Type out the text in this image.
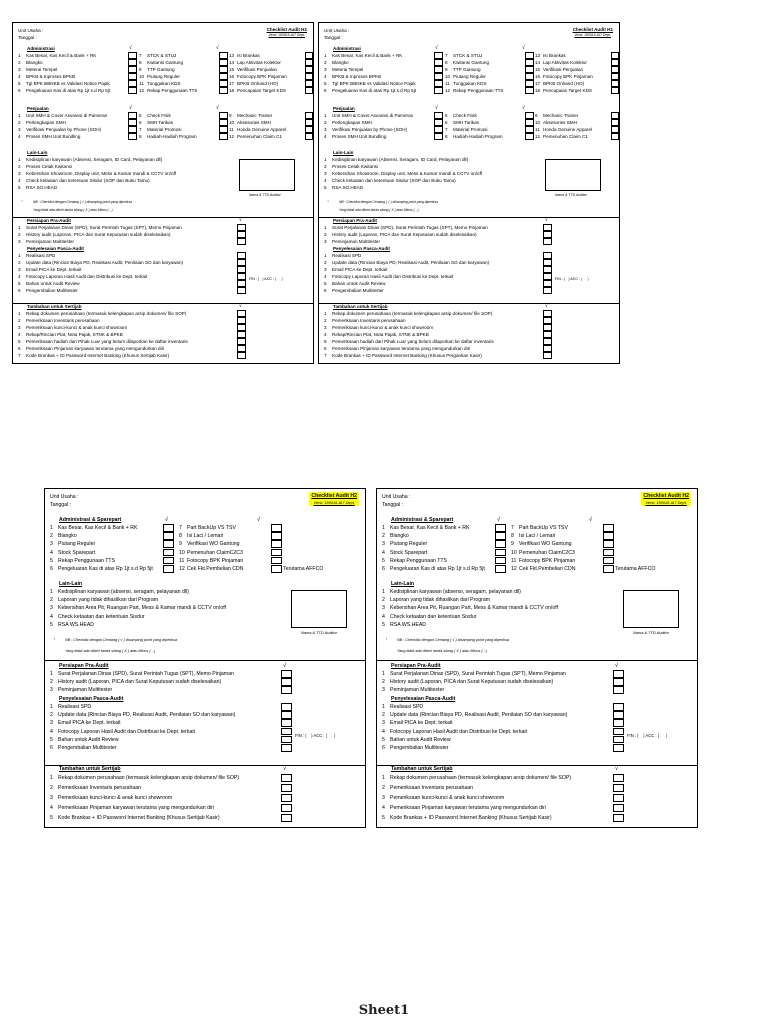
Unit Usaha :
Tanggal :
Checklist Audit H1
Versi: 180616-IA7 Dept.
Administrasi	√	√
1	Kas Besar, Kas Kecil & Bank + RK
2	Blangko
3	Meterai Tempel
4	BPKB & Inproses BPKB
5	Tgl BPK BBNKB vs Validasi Notice Pajak
6	Pengeluaran Kas di atas Rp 1jt s.d Rp 5jt
7	STCK & STUJ
8	Kwitansi Gantung
9	TTP Gantung
10 Piutang Reguler
11 Tunggakan KDS
12 Rekap Penggunaan TTS
13 Isi Brankas
14 Lap Aktivitas Kolektor
15 Verifikasi Penjualan
16 Fotocopy BPK Pinjaman
17 BPKB Onhand (HO)
18 Pencapaian Target KDS
Penjualan	√	√
1	Unit SMH & Cover Asuransi di Pameran
2	Perlengkapan SMH
3	Verifikasi Penjualan by Phone (SOH)
4	Proses SMH Unit Bundling
5	Check Fisik
6	SMH Tarikan
7	Material Promosi
8	Hadiah-Hadiah Program
9	Mechanic Trainer
10 Aksesories SMH
11 Honda Genuine Apparel
12 Pemenuhan Claim C1
Lain-Lain
1	Kedisiplinan karyawan (Absensi, Seragam, ID Card, Pelayanan dll)
2	Proses Cetak Kwitansi
3	Kebersihan Showroom, Display unit, Mess & Kamar mandi & CCTV on/off
4	Check ketaatan dan ketentuan Sisdur (SOP dan Buku Tamu)
5	RSA SO.HEAD
Nama & TTD Auditor
♀	NB : Checklist dengan Centang ( √ ) disamping point yang diperiksa
Yang tidak ada diberi tanda silang ( X ) atau Minus ( - )
Persiapan Pra-Audit	√
1	Surat Perjalanan Dinas (SPD), Surat Perintah Tugas (SPT), Memo Pinjaman
2	History audit (Laporan, PICA dan Surat Keputusan sudah diselesaikan)
3	Peminjaman Multitester
Penyelesaian Pasca-Audit
1	Realisasi SPD
2	Update data (Rincian Biaya PD, Realisasi Audit, Penilaian SO dan karyawan)
3	Email PICA ke Dept. terkait
4	Fotocopy Laporan Hasil Audit dan Distribusi ke Dept. terkait
5	Bahan untuk Audit Review
6	Pengembalian Multitester
FIN : ( ) ACC : ( )
Tambahan untuk Sertijab	√
1	Rekap dokumen perusahaan (termasuk kelengkapan arsip dokumen/ file SOP)
2	Pemeriksaan Inventaris perusahaan
3	Pemeriksaan kunci-kunci & anak kunci showroom
4	Rekap/Rincian Plat, Nota Pajak, STNK & BPKB
5	Pemeriksaan hadiah dari Pihak Luar yang belum dilaporkan ke daftar inventaris
6	Pemeriksaan Pinjaman karyawan terutama yang mengundurkan diri
7	Kode Brankas + ID Password Internet Banking (Khusus Sertijab Kasir)
Unit Usaha :
Tanggal :
Checklist Audit H1
Versi: 180616-IA7 Dept.
Administrasi	√	√
1	Kas Besar, Kas Kecil & Bank + RK
2	Blangko
3	Meterai Tempel
4	BPKB & Inproses BPKB
5	Tgl BPK BBNKB vs Validasi Notice Pajak
6	Pengeluaran Kas di atas Rp 1jt s.d Rp 5jt
7	STCK & STUJ
8	Kwitansi Gantung
9	TTP Gantung
10 Piutang Reguler
11 Tunggakan KDS
12 Rekap Penggunaan TTS
13 Isi Brankas
14 Lap Aktivitas Kolektor
15 Verifikasi Penjualan
16 Fotocopy BPK Pinjaman
17 BPKB Onhand (HO)
18 Pencapaian Target KDS
Penjualan	√	√
1	Unit SMH & Cover Asuransi di Pameran
2	Perlengkapan SMH
3	Verifikasi Penjualan by Phone (SOH)
4	Proses SMH Unit Bundling
5	Check Fisik
6	SMH Tarikan
7	Material Promosi
8	Hadiah-Hadiah Program
9	Mechanic Trainer
10 Aksesories SMH
11 Honda Genuine Apparel
12 Pemenuhan Claim C1
Lain-Lain
1	Kedisiplinan karyawan (Absensi, Seragam, ID Card, Pelayanan dll)
2	Proses Cetak Kwitansi
3	Kebersihan Showroom, Display unit, Mess & Kamar mandi & CCTV on/off
4	Check ketaatan dan ketentuan Sisdur (SOP dan Buku Tamu)
5	RSA SO.HEAD
Nama & TTD Auditor
♀	NB : Checklist dengan Centang ( √ ) disamping point yang diperiksa
Yang tidak ada diberi tanda silang ( X ) atau Minus ( - )
Persiapan Pra-Audit	√
1	Surat Perjalanan Dinas (SPD), Surat Perintah Tugas (SPT), Memo Pinjaman
2	History audit (Laporan, PICA dan Surat Keputusan sudah diselesaikan)
3	Peminjaman Multitester
Penyelesaian Pasca-Audit
1	Realisasi SPD
2	Update data (Rincian Biaya PD, Realisasi Audit, Penilaian SO dan karyawan)
3	Email PICA ke Dept. terkait
4	Fotocopy Laporan Hasil Audit dan Distribusi ke Dept. terkait
5	Bahan untuk Audit Review
6	Pengembalian Multitester
FIN : ( ) ACC : ( )
Tambahan untuk Sertijab	√
1	Rekap dokumen perusahaan (termasuk kelengkapan arsip dokumen/ file SOP)
2	Pemeriksaan Inventaris perusahaan
3	Pemeriksaan kunci-kunci & anak kunci showroom
4	Rekap/Rincian Plat, Nota Pajak, STNK & BPKB
5	Pemeriksaan hadiah dari Pihak Luar yang belum dilaporkan ke daftar inventaris
6	Pemeriksaan Pinjaman karyawan terutama yang mengundurkan diri
7	Kode Brankas + ID Password Internet Banking (Khusus Pergantian Kasir)
Unit Usaha :
Tanggal :
Checklist Audit H2
Versi: 180616-IA7 Dept.
Administrasi & Sparepart	√	√
1 Kas Besar, Kas Kecil & Bank + RK
2 Blangko
3 Piutang Reguler
4 Stock Sparepart
5 Rekap Penggunaan TTS
6 Pengeluaran Kas di atas Rp 1jt s.d Rp 5jt
7 Part BackUp VS TSV
8 Isi Laci / Lemari
9 Verifikasi WO Gantung
10 Pemenuhan ClaimC2C3
11 Fotocopy BPK Pinjaman
12 Cek Fkt.Pembelian CDN	Terutama AFFCO
Lain-Lain
1 Kedisiplinan karyawan (absensi, seragam, pelayanan dll)
2 Laporan yang tidak dihasilkan dari Program
3 Kebersihan Area Pit, Ruangan Part, Mess & Kamar mandi & CCTV on/off
4 Check ketaatan dan ketentuan Sisdur
5 RSA WS.HEAD
Nama & TTD Auditor
♀ NB : Checklist dengan Centang ( √ ) disamping point yang diperiksa
Yang tidak ada diberi tanda silang ( X ) atau Minus ( - )
Persiapan Pra-Audit	√
1 Surat Perjalanan Dinas (SPD), Surat Perintah Tugas (SPT), Memo Pinjaman
2 History audit (Laporan, PICA dan Surat Keputusan sudah diselesaikan)
3 Peminjaman Multitester
Penyelesaian Pasca-Audit
1 Realisasi SPD
2 Update data (Rincian Biaya PD, Realisasi Audit, Penilaian SO dan karyawan)
3 Email PICA ke Dept. terkait
4 Fotocopy Laporan Hasil Audit dan Distribusi ke Dept. terkait
5 Bahan untuk Audit Review
6 Pengembalian Multitester
FIN : ( ) ACC : ( )
Tambahan untuk Sertijab	√
1 Rekap dokumen perusahaan (termasuk kelengkapan arsip dokumen/ file SOP)
2 Pemeriksaan Inventaris perusahaan
3 Pemeriksaan kunci-kunci & anak kunci showroom
4 Pemeriksaan Pinjaman karyawan terutama yang mengundurkan diri
5 Kode Brankas + ID Password Internet Banking (Khusus Sertijab Kasir)
Unit Usaha :
Tanggal :
Checklist Audit H2
Versi: 180616-IA7 Dept.
Administrasi & Sparepart	√	√
1 Kas Besar, Kas Kecil & Bank + RK
2 Blangko
3 Piutang Reguler
4 Stock Sparepart
5 Rekap Penggunaan TTS
6 Pengeluaran Kas di atas Rp 1jt s.d Rp 5jt
7 Part BackUp VS TSV
8 Isi Laci / Lemari
9 Verifikasi WO Gantung
10 Pemenuhan ClaimC2C3
11 Fotocopy BPK Pinjaman
12 Cek Fkt.Pembelian CDN	Terutama AFFCO
Lain-Lain
1 Kedisiplinan karyawan (absensi, seragam, pelayanan dll)
2 Laporan yang tidak dihasilkan dari Program
3 Kebersihan Area Pit, Ruangan Part, Mess & Kamar mandi & CCTV on/off
4 Check ketaatan dan ketentuan Sisdur
5 RSA WS.HEAD
Nama & TTD Auditor
♀ NB : Checklist dengan Centang ( √ ) disamping point yang diperiksa
Yang tidak ada diberi tanda silang ( X ) atau Minus ( - )
Persiapan Pra-Audit	√
1 Surat Perjalanan Dinas (SPD), Surat Perintah Tugas (SPT), Memo Pinjaman
2 History audit (Laporan, PICA dan Surat Keputusan sudah diselesaikan)
3 Peminjaman Multitester
Penyelesaian Pasca-Audit
1 Realisasi SPD
2 Update data (Rincian Biaya PD, Realisasi Audit, Penilaian SO dan karyawan)
3 Email PICA ke Dept. terkait
4 Fotocopy Laporan Hasil Audit dan Distribusi ke Dept. terkait
5 Bahan untuk Audit Review
6 Pengembalian Multitester
FIN : ( ) ACC : ( )
Tambahan untuk Sertijab	√
1 Rekap dokumen perusahaan (termasuk kelengkapan arsip dokumen/ file SOP)
2 Pemeriksaan Inventaris perusahaan
3 Pemeriksaan kunci-kunci & anak kunci showroom
4 Pemeriksaan Pinjaman karyawan terutama yang mengundurkan diri
5 Kode Brankas + ID Password Internet Banking (Khusus Sertijab Kasir)
Sheet1
